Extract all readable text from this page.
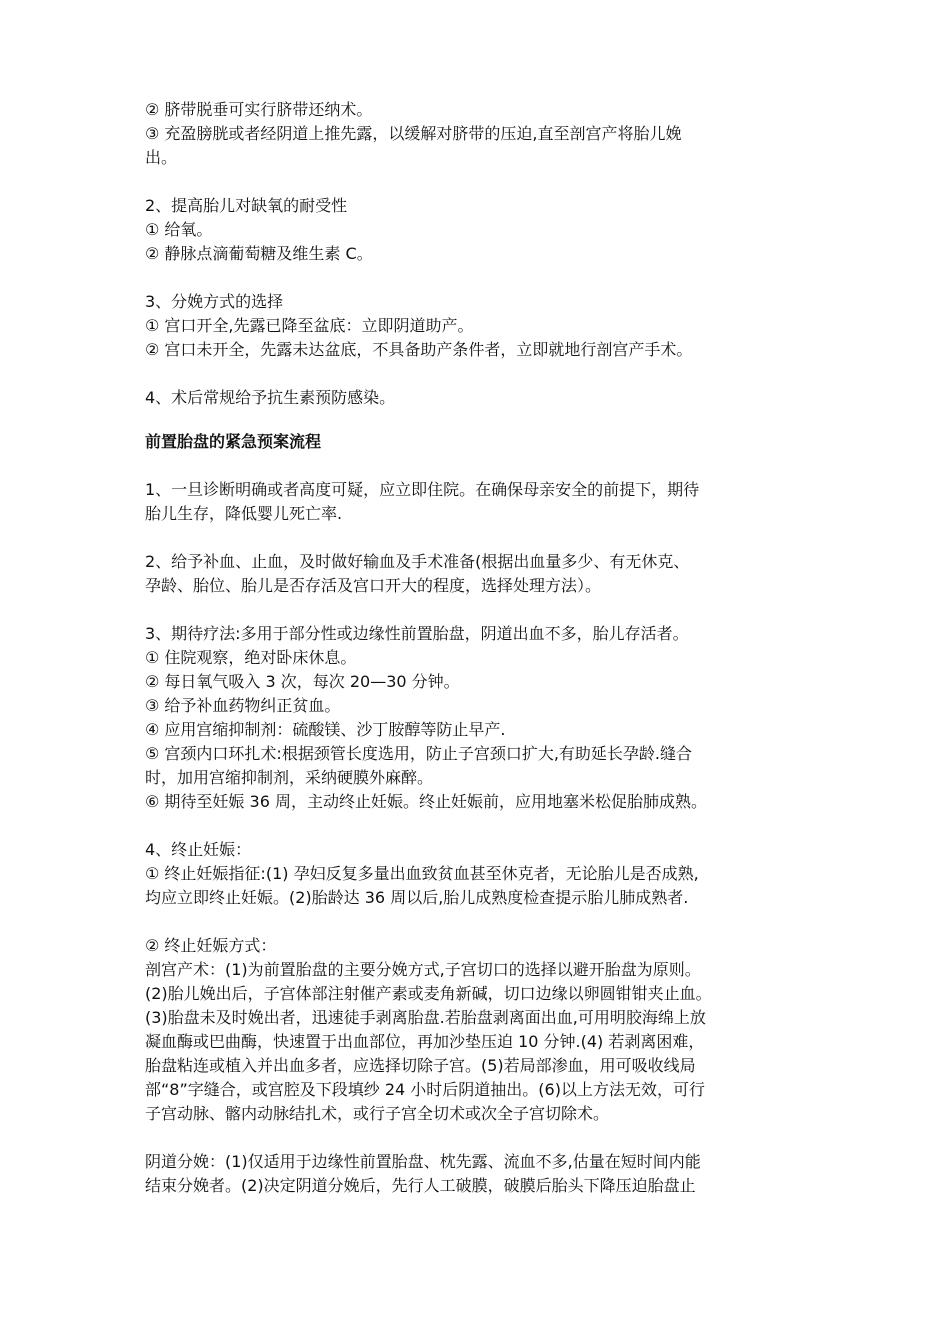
② 脐带脱垂可实行脐带还纳术。
③ 充盈膀胱或者经阴道上推先露，以缓解对脐带的压迫,直至剖宫产将胎儿娩
出。
2、提高胎儿对缺氧的耐受性
① 给氧。
② 静脉点滴葡萄糖及维生素 C。
3、分娩方式的选择
① 宫口开全,先露已降至盆底：立即阴道助产。
② 宫口未开全，先露未达盆底，不具备助产条件者，立即就地行剖宫产手术。
4、术后常规给予抗生素预防感染。
前置胎盘的紧急预案流程
1、一旦诊断明确或者高度可疑，应立即住院。在确保母亲安全的前提下，期待
胎儿生存，降低婴儿死亡率.
2、给予补血、止血，及时做好输血及手术准备(根据出血量多少、有无休克、
孕龄、胎位、胎儿是否存活及宫口开大的程度，选择处理方法）。
3、期待疗法:多用于部分性或边缘性前置胎盘，阴道出血不多，胎儿存活者。
① 住院观察，绝对卧床休息。
② 每日氧气吸入 3 次，每次 20—30 分钟。
③ 给予补血药物纠正贫血。
④ 应用宫缩抑制剂：硫酸镁、沙丁胺醇等防止早产.
⑤ 宫颈内口环扎术:根据颈管长度选用，防止子宫颈口扩大,有助延长孕龄.缝合
时，加用宫缩抑制剂，采纳硬膜外麻醉。
⑥ 期待至妊娠 36 周，主动终止妊娠。终止妊娠前，应用地塞米松促胎肺成熟。
4、终止妊娠：
① 终止妊娠指征:(1) 孕妇反复多量出血致贫血甚至休克者，无论胎儿是否成熟,
均应立即终止妊娠。(2)胎龄达 36 周以后,胎儿成熟度检查提示胎儿肺成熟者.
② 终止妊娠方式：
剖宫产术：(1)为前置胎盘的主要分娩方式,子宫切口的选择以避开胎盘为原则。
(2)胎儿娩出后，子宫体部注射催产素或麦角新碱，切口边缘以卵圆钳钳夹止血。
(3)胎盘未及时娩出者，迅速徒手剥离胎盘.若胎盘剥离面出血,可用明胶海绵上放
凝血酶或巴曲酶，快速置于出血部位，再加沙垫压迫 10 分钟.(4) 若剥离困难，
胎盘粘连或植入并出血多者，应选择切除子宫。(5)若局部渗血，用可吸收线局
部“8”字缝合，或宫腔及下段填纱 24 小时后阴道抽出。(6)以上方法无效，可行
子宫动脉、髂内动脉结扎术，或行子宫全切术或次全子宫切除术。
阴道分娩：(1)仅适用于边缘性前置胎盘、枕先露、流血不多,估量在短时间内能
结束分娩者。(2)决定阴道分娩后，先行人工破膜，破膜后胎头下降压迫胎盘止
